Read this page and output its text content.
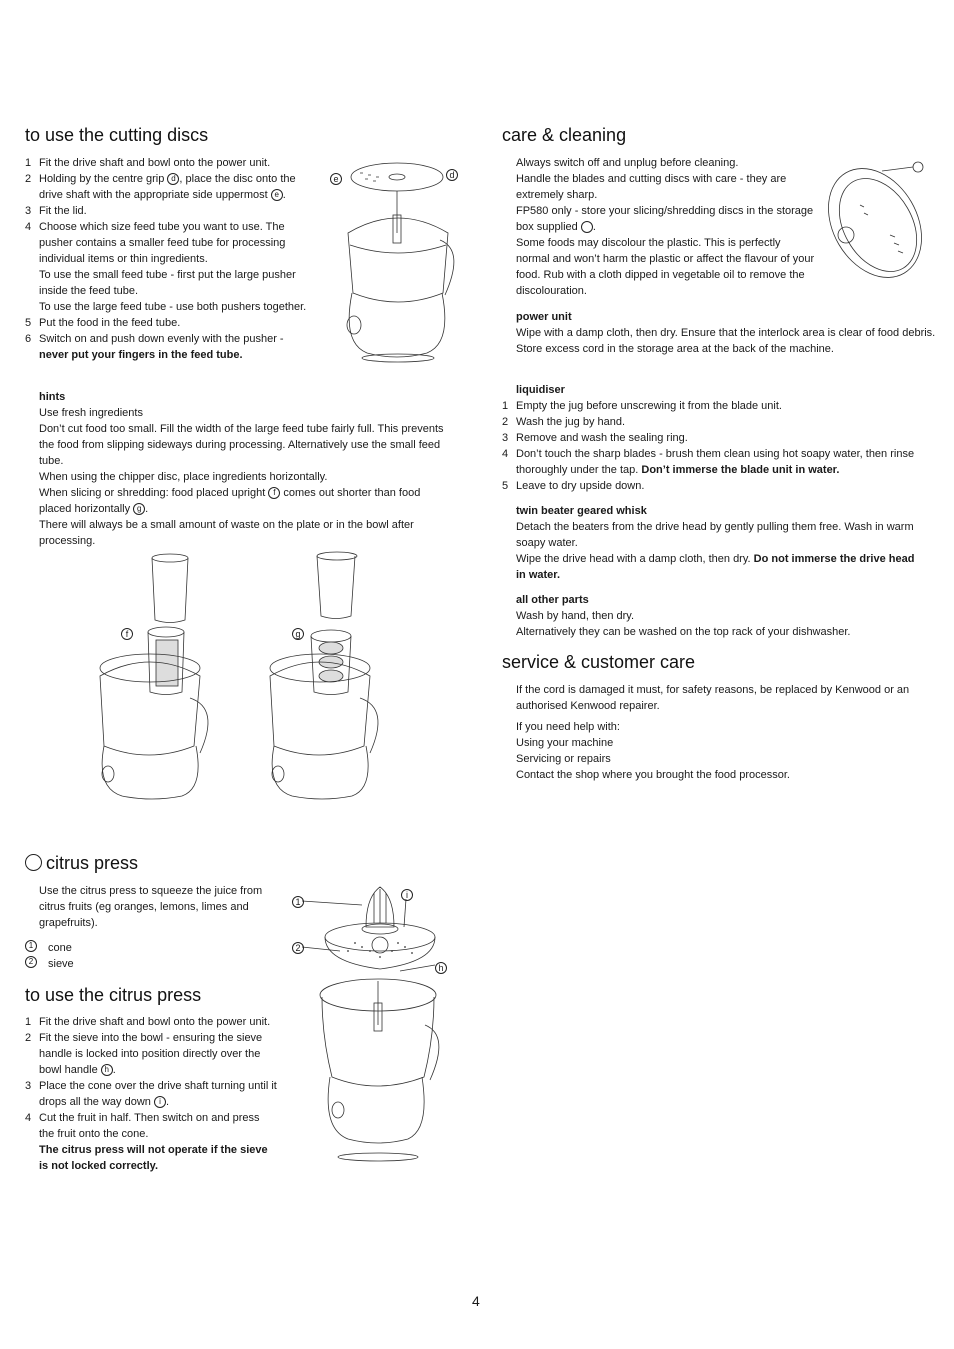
to use the cutting discs
1 Fit the drive shaft and bowl onto the power unit.
2 Holding by the centre grip d , place the disc onto the drive shaft with the appropriate side uppermost e .
3 Fit the lid.
4 Choose which size feed tube you want to use. The pusher contains a smaller feed tube for processing individual items or thin ingredients.
To use the small feed tube - first put the large pusher inside the feed tube.
To use the large feed tube - use both pushers together.
5 Put the food in the feed tube.
6 Switch on and push down evenly with the pusher -
never put your fingers in the feed tube.
hints
Use fresh ingredients
Don’t cut food too small. Fill the width of the large feed tube fairly full. This prevents the food from slipping sideways during processing. Alternatively use the small feed tube.
When using the chipper disc, place ingredients horizontally.
When slicing or shredding: food placed upright f comes out shorter than food placed horizontally g .
There will always be a small amount of waste on the plate or in the bowl after processing.
e	d
f	g
care & cleaning
Always switch off and unplug before cleaning.
Handle the blades and cutting discs with care - they are extremely sharp.
FP580 only - store your slicing/shredding discs in the storage box supplied .
Some foods may discolour the plastic. This is perfectly normal and won’t harm the plastic or affect the flavour of your food. Rub with a cloth dipped in vegetable oil to remove the discolouration.
power unit
Wipe with a damp cloth, then dry. Ensure that the interlock area is clear of food debris.
Store excess cord in the storage area at the back of the machine.
liquidiser
1 Empty the jug before unscrewing it from the blade unit.
2 Wash the jug by hand.
3 Remove and wash the sealing ring.
4 Don’t touch the sharp blades - brush them clean using hot soapy water, then rinse thoroughly under the tap. Don’t immerse the blade unit in water.
5 Leave to dry upside down.
twin beater geared whisk
Detach the beaters from the drive head by gently pulling them free. Wash in warm soapy water.
Wipe the drive head with a damp cloth, then dry. Do not immerse the drive head in water.
all other parts
Wash by hand, then dry.
Alternatively they can be washed on the top rack of your dishwasher.
service & customer care
If the cord is damaged it must, for safety reasons, be replaced by Kenwood or an authorised Kenwood repairer.
If you need help with:
Using your machine
Servicing or repairs
Contact the shop where you brought the food processor.
citrus press
Use the citrus press to squeeze the juice from citrus fruits (eg oranges, lemons, limes and grapefruits).
1	cone
2	sieve
to use the citrus press
1 Fit the drive shaft and bowl onto the power unit.
2 Fit the sieve into the bowl - ensuring the sieve handle is locked into position directly over the bowl handle h .
3 Place the cone over the drive shaft turning until it drops all the way down i .
4 Cut the fruit in half. Then switch on and press the fruit onto the cone.
The citrus press will not operate if the sieve is not locked correctly.
1
2
i
h
4
